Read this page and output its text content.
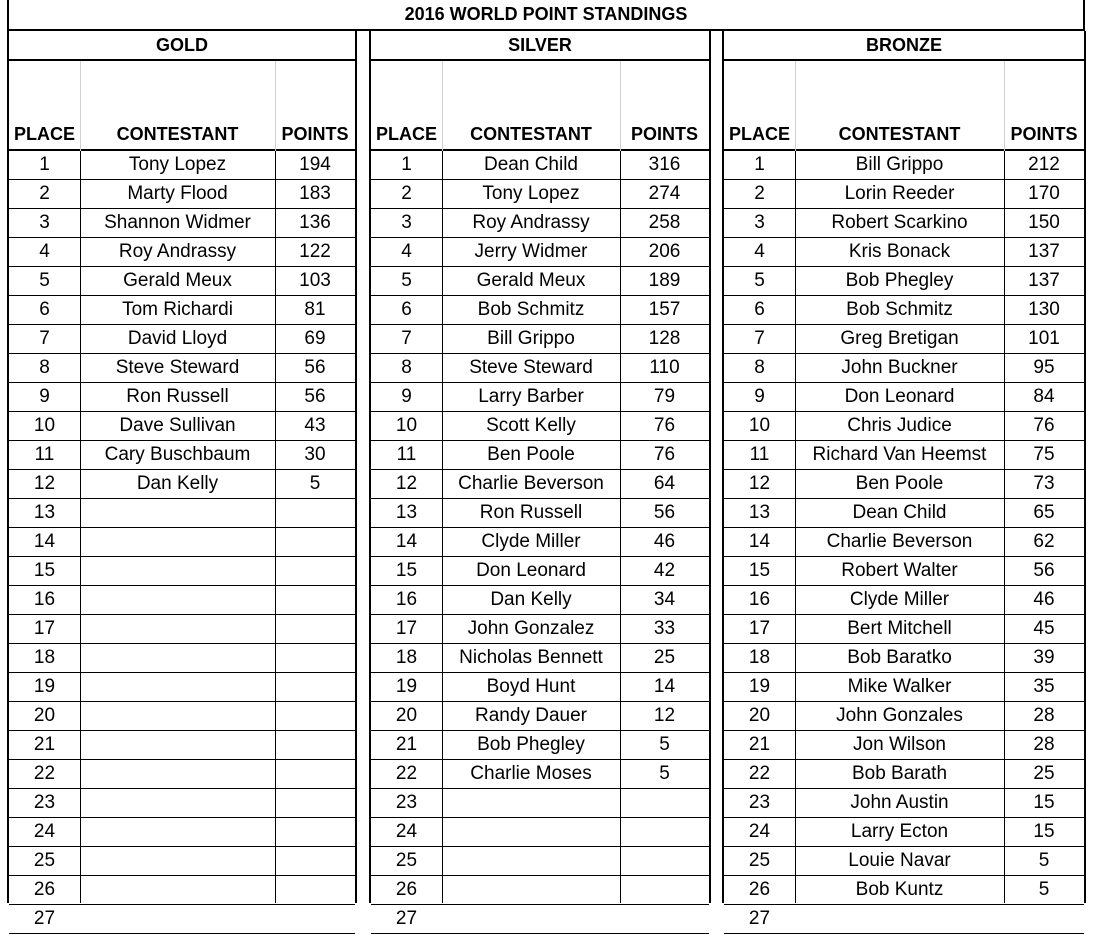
2016 WORLD POINT STANDINGS
GOLD
PLACE	CONTESTANT	POINTS
1	Tony Lopez	194
2	Marty Flood	183
3	Shannon Widmer	136
4	Roy Andrassy	122
5	Gerald Meux	103
6	Tom Richardi	81
7	David Lloyd	69
8	Steve Steward	56
9	Ron Russell	56
10	Dave Sullivan	43
11	Cary Buschbaum	30
12	Dan Kelly	5
13
14
15
16
17
18
19
20
21
22
23
24
25
26
27
SILVER
PLACE	CONTESTANT	POINTS
1	Dean Child	316
2	Tony Lopez	274
3	Roy Andrassy	258
4	Jerry Widmer	206
5	Gerald Meux	189
6	Bob Schmitz	157
7	Bill Grippo	128
8	Steve Steward	110
9	Larry Barber	79
10	Scott Kelly	76
11	Ben Poole	76
12	Charlie Beverson	64
13	Ron Russell	56
14	Clyde Miller	46
15	Don Leonard	42
16	Dan Kelly	34
17	John Gonzalez	33
18	Nicholas Bennett	25
19	Boyd Hunt	14
20	Randy Dauer	12
21	Bob Phegley	5
22	Charlie Moses	5
23
24
25
26
27
BRONZE
PLACE	CONTESTANT	POINTS
1	Bill Grippo	212
2	Lorin Reeder	170
3	Robert Scarkino	150
4	Kris Bonack	137
5	Bob Phegley	137
6	Bob Schmitz	130
7	Greg Bretigan	101
8	John Buckner	95
9	Don Leonard	84
10	Chris Judice	76
11	Richard Van Heemst	75
12	Ben Poole	73
13	Dean Child	65
14	Charlie Beverson	62
15	Robert Walter	56
16	Clyde Miller	46
17	Bert Mitchell	45
18	Bob Baratko	39
19	Mike Walker	35
20	John Gonzales	28
21	Jon Wilson	28
22	Bob Barath	25
23	John Austin	15
24	Larry Ecton	15
25	Louie Navar	5
26	Bob Kuntz	5
27
